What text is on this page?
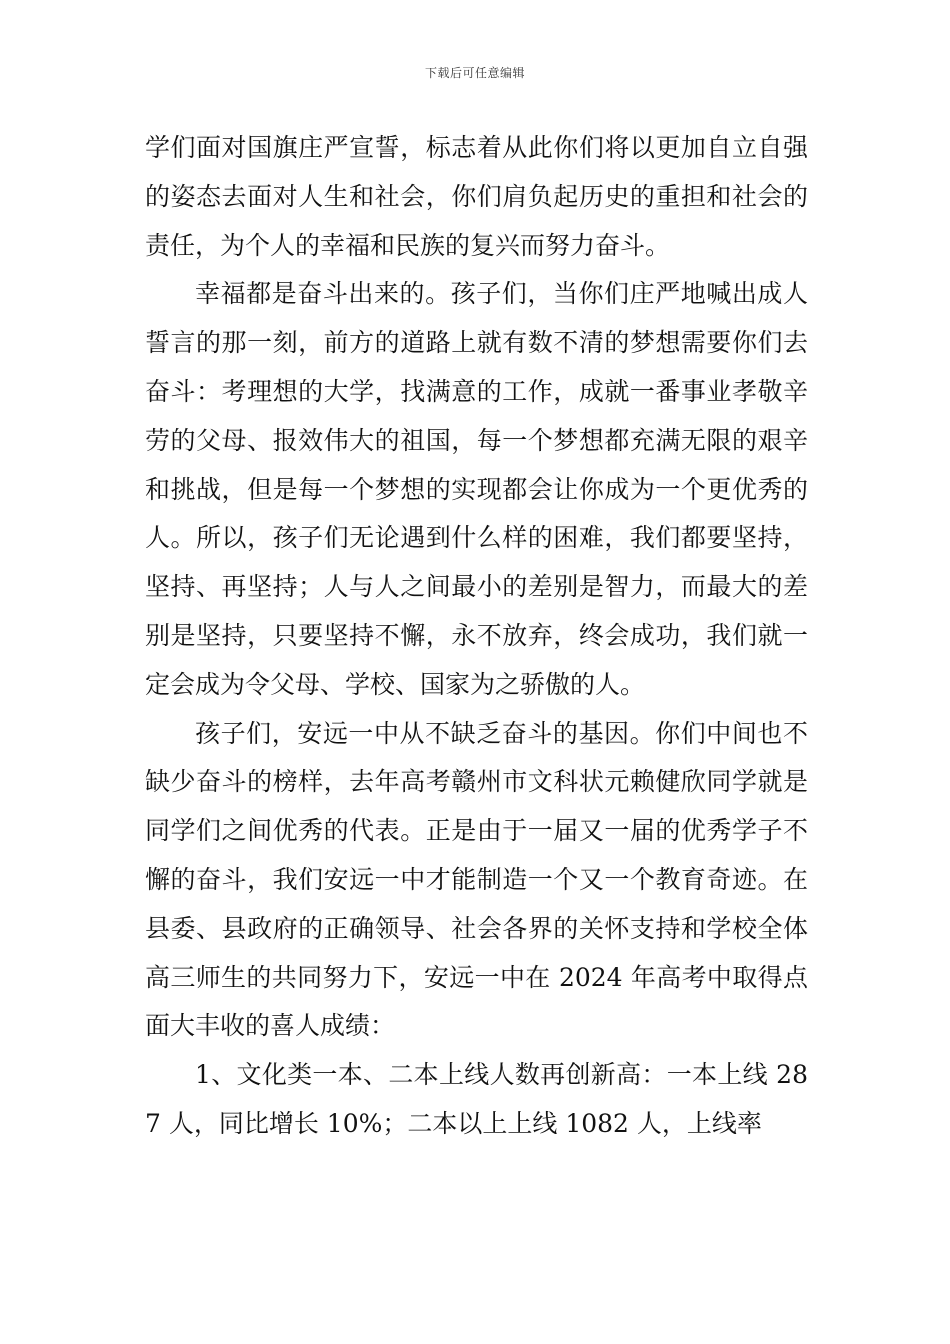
下载后可任意编辑

学们面对国旗庄严宣誓，标志着从此你们将以更加自立自强的姿态去面对人生和社会，你们肩负起历史的重担和社会的责任，为个人的幸福和民族的复兴而努力奋斗。

幸福都是奋斗出来的。孩子们，当你们庄严地喊出成人誓言的那一刻，前方的道路上就有数不清的梦想需要你们去奋斗：考理想的大学，找满意的工作，成就一番事业孝敬辛劳的父母、报效伟大的祖国，每一个梦想都充满无限的艰辛和挑战，但是每一个梦想的实现都会让你成为一个更优秀的人。所以，孩子们无论遇到什么样的困难，我们都要坚持，坚持、再坚持；人与人之间最小的差别是智力，而最大的差别是坚持，只要坚持不懈，永不放弃，终会成功，我们就一定会成为令父母、学校、国家为之骄傲的人。

孩子们，安远一中从不缺乏奋斗的基因。你们中间也不缺少奋斗的榜样，去年高考赣州市文科状元赖健欣同学就是同学们之间优秀的代表。正是由于一届又一届的优秀学子不懈的奋斗，我们安远一中才能制造一个又一个教育奇迹。在县委、县政府的正确领导、社会各界的关怀支持和学校全体高三师生的共同努力下，安远一中在 2024 年高考中取得点面大丰收的喜人成绩：

1、文化类一本、二本上线人数再创新高：一本上线 287 人，同比增长 10%；二本以上上线 1082 人，上线率
